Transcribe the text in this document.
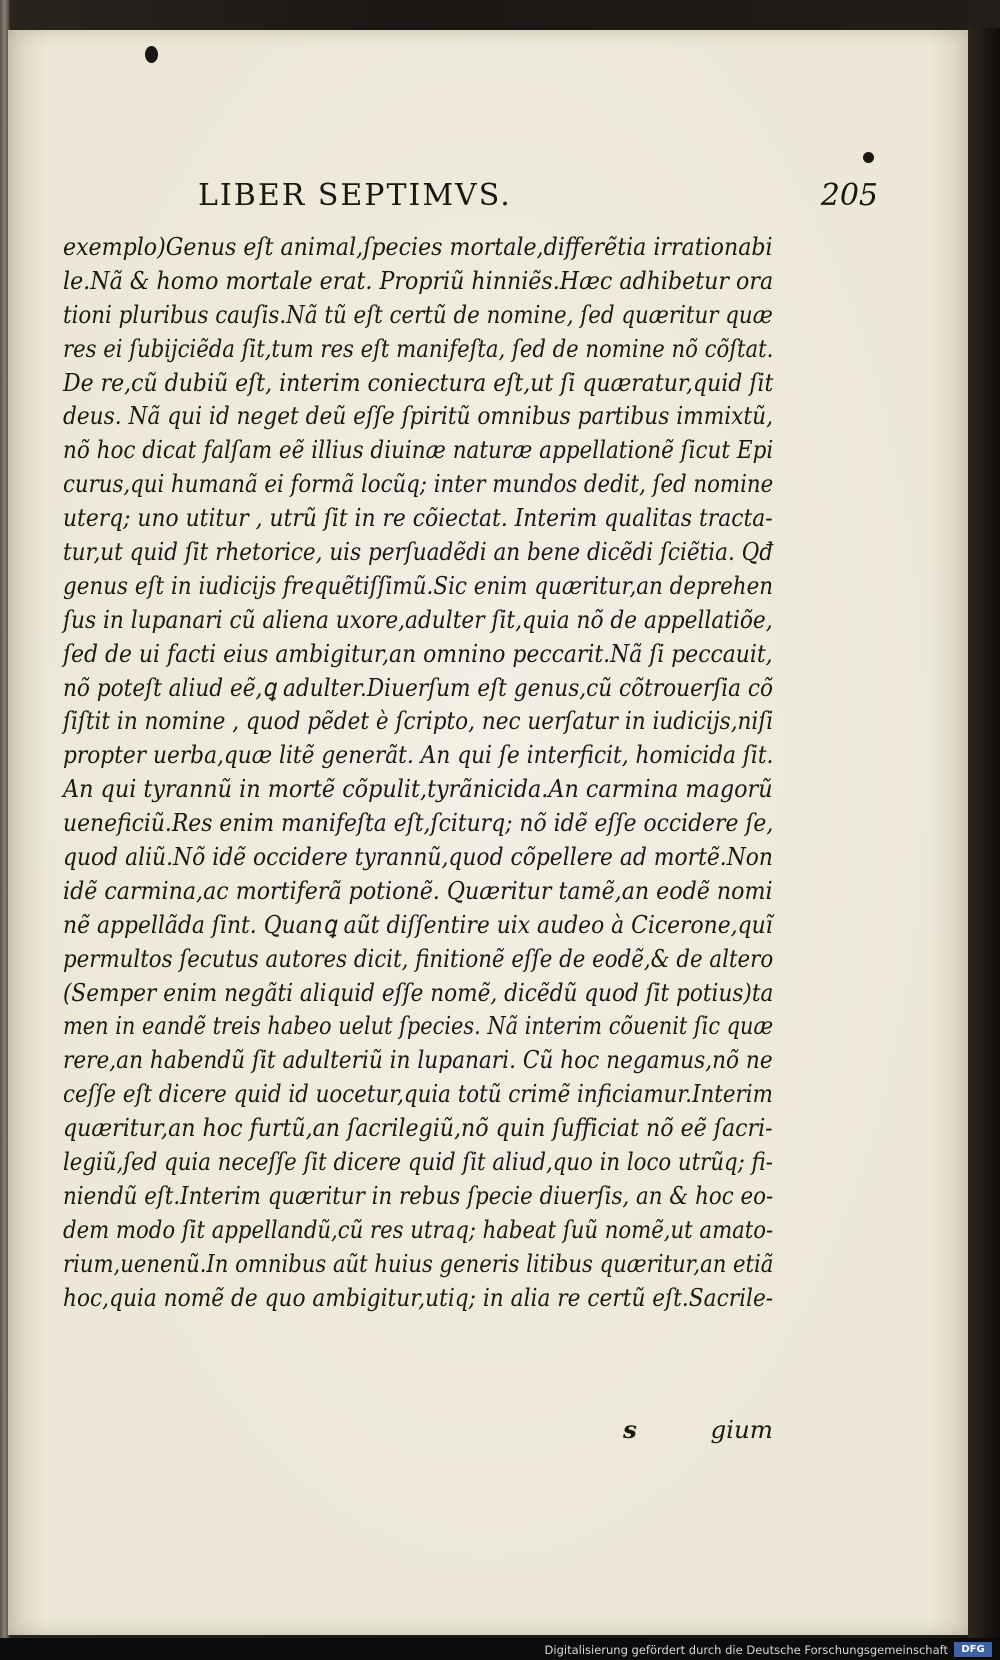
LIBER SEPTIMVS.	205
exemplo)Genus eſt animal,ſpecies mortale,differẽtia irrationabi
le.Nã & homo mortale erat. Propriũ hinniẽs.Hæc adhibetur ora
tioni pluribus cauſis.Nã tũ eſt certũ de nomine, ſed quæritur quæ
res ei ſubijciẽda ſit,tum res eſt manifeſta, ſed de nomine nõ cõſtat.
De re,cũ dubiũ eſt, interim coniectura eſt,ut ſi quæratur,quid ſit
deus. Nã qui id neget deũ eſſe ſpiritũ omnibus partibus immixtũ,
nõ hoc dicat falſam eẽ illius diuinæ naturæ appellationẽ ſicut Epi
curus,qui humanã ei formã locũq; inter mundos dedit, ſed nomine
uterq; uno utitur , utrũ ſit in re cõiectat. Interim qualitas tracta-
tur,ut quid ſit rhetorice, uis perſuadẽdi an bene dicẽdi ſciẽtia. Qđ
genus eſt in iudicijs frequẽtiſſimũ.Sic enim quæritur,an deprehen
ſus in lupanari cũ aliena uxore,adulter ſit,quia nõ de appellatiõe,
ſed de ui facti eius ambigitur,an omnino peccarit.Nã ſi peccauit,
nõ poteſt aliud eẽ,ꝗ adulter.Diuerſum eſt genus,cũ cõtrouerſia cõ
ſiſtit in nomine , quod pẽdet è ſcripto, nec uerſatur in iudicijs,niſi
propter uerba,quæ litẽ generãt. An qui ſe interficit, homicida ſit.
An qui tyrannũ in mortẽ cõpulit,tyrãnicida.An carmina magorũ
ueneficiũ.Res enim manifeſta eſt,ſciturq; nõ idẽ eſſe occidere ſe,
quod aliũ.Nõ idẽ occidere tyrannũ,quod cõpellere ad mortẽ.Non
idẽ carmina,ac mortiferã potionẽ. Quæritur tamẽ,an eodẽ nomi
nẽ appellãda ſint. Quanꝗ aũt diſſentire uix audeo à Cicerone,quĩ
permultos ſecutus autores dicit, finitionẽ eſſe de eodẽ,& de altero
(Semper enim negãti aliquid eſſe nomẽ, dicẽdũ quod ſit potius)ta
men in eandẽ treis habeo uelut ſpecies. Nã interim cõuenit ſic quæ
rere,an habendũ ſit adulteriũ in lupanari. Cũ hoc negamus,nõ ne
ceſſe eſt dicere quid id uocetur,quia totũ crimẽ inficiamur.Interim
quæritur,an hoc furtũ,an ſacrilegiũ,nõ quin ſufficiat nõ eẽ ſacri-
legiũ,ſed quia neceſſe ſit dicere quid ſit aliud,quo in loco utrũq; fi-
niendũ eſt.Interim quæritur in rebus ſpecie diuerſis, an & hoc eo-
dem modo ſit appellandũ,cũ res utraq; habeat ſuũ nomẽ,ut amato-
rium,uenenũ.In omnibus aũt huius generis litibus quæritur,an etiã
hoc,quia nomẽ de quo ambigitur,utiq; in alia re certũ eſt.Sacrile-
s	gium
Digitalisierung gefördert durch die Deutsche Forschungsgemeinschaft	DFG
